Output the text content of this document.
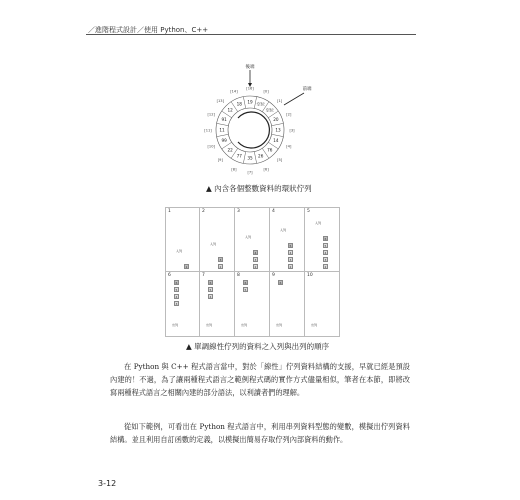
／進階程式設計／使用 Python、C++
19
[16]
空位
[0]
空位
[1]
20
[2]
13 [3]
14
[4]
76
[5]
26
[6]
35
[7]
77
[8]
22
[9]
99
[10]
11
[11]
91
[12]
12
[13]
18
[14]
後端
前端
▲ 內含各個整數資料的環狀佇列
1
1
入列
2
3
2
入列
3
4
3
2
入列
4
5
4
3
2
入列
5
6
5
4
3
2
入列
6
6
5
4
3
出列
7
6
5
4
出列
8
6
5
出列
9
6
出列
10
出列
▲ 單調線性佇列的資料之入列與出列的順序

在 Python 與 C++ 程式語言當中，對於「線性」佇列資料結構的支援，早就已經是預設內建的！不過，為了讓兩種程式語言之範例程式碼的實作方式儘量相似，筆者在本節，即將改寫兩種程式語言之相關內建的部分語法，以利讀者們的理解。

從如下範例，可看出在 Python 程式語言中，利用串列資料型態的變數，模擬出佇列資料結構。並且利用自訂函數的定義，以模擬出簡易存取佇列內部資料的動作。

3-12
